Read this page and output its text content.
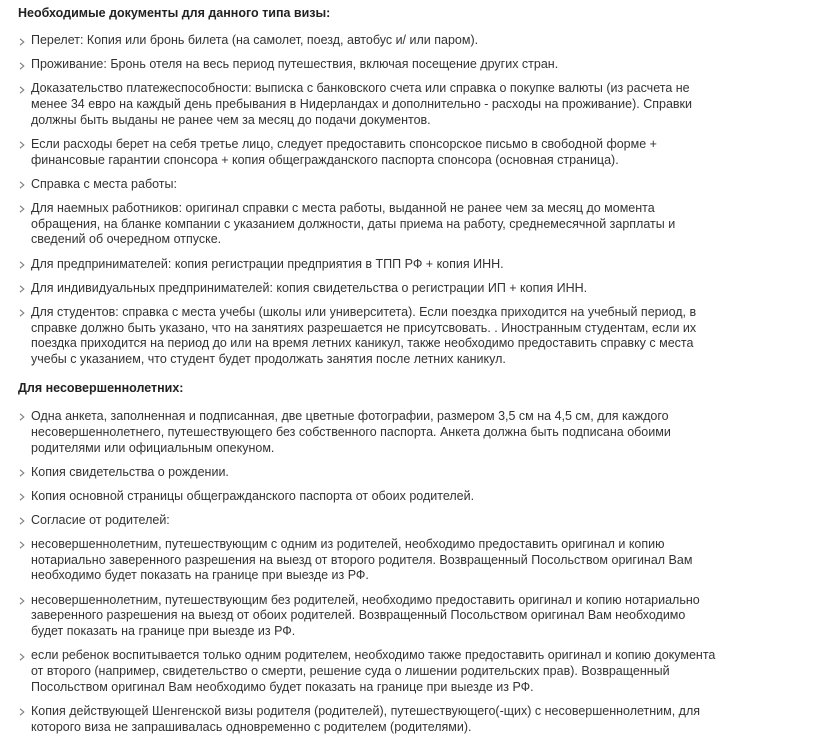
Необходимые документы для данного типа визы:
Перелет: Копия или бронь билета (на самолет, поезд, автобус и/ или паром).
Проживание: Бронь отеля на весь период путешествия, включая посещение других стран.
Доказательство платежеспособности: выписка с банковского счета или справка о покупке валюты (из расчета не менее 34 евро на каждый день пребывания в Нидерландах и дополнительно - расходы на проживание). Справки должны быть выданы не ранее чем за месяц до подачи документов.
Если расходы берет на себя третье лицо, следует предоставить спонсорское письмо в свободной форме + финансовые гарантии спонсора + копия общегражданского паспорта спонсора (основная страница).
Справка с места работы:
Для наемных работников: оригинал справки с места работы, выданной не ранее чем за месяц до момента обращения, на бланке компании с указанием должности, даты приема на работу, среднемесячной зарплаты и сведений об очередном отпуске.
Для предпринимателей: копия регистрации предприятия в ТПП РФ + копия ИНН.
Для индивидуальных предпринимателей: копия свидетельства о регистрации ИП + копия ИНН.
Для студентов: справка с места учебы (школы или университета). Если поездка приходится на учебный период, в справке должно быть указано, что на занятиях разрешается не присутсвовать. . Иностранным студентам, если их поездка приходится на период до или на время летних каникул, также необходимо предоставить справку с места учебы с указанием, что студент будет продолжать занятия после летних каникул.
Для несовершеннолетних:
Одна анкета, заполненная и подписанная, две цветные фотографии, размером 3,5 см на 4,5 см, для каждого несовершеннолетнего, путешествующего без собственного паспорта. Анкета должна быть подписана обоими родителями или официальным опекуном.
Копия свидетельства о рождении.
Копия основной страницы общегражданского паспорта от обоих родителей.
Согласие от родителей:
несовершеннолетним, путешествующим с одним из родителей, необходимо предоставить оригинал и копию нотариально заверенного разрешения на выезд от второго родителя. Возвращенный Посольством оригинал Вам необходимо будет показать на границе при выезде из РФ.
несовершеннолетним, путешествующим без родителей, необходимо предоставить оригинал и копию нотариально заверенного разрешения на выезд от обоих родителей. Возвращенный Посольством оригинал Вам необходимо будет показать на границе при выезде из РФ.
если ребенок воспитывается только одним родителем, необходимо также предоставить оригинал и копию документа от второго (например, свидетельство о смерти, решение суда о лишении родительских прав). Возвращенный Посольством оригинал Вам необходимо будет показать на границе при выезде из РФ.
Копия действующей Шенгенской визы родителя (родителей), путешествующего(-щих) с несовершеннолетним, для которого виза не запрашивалась одновременно с родителем (родителями).
